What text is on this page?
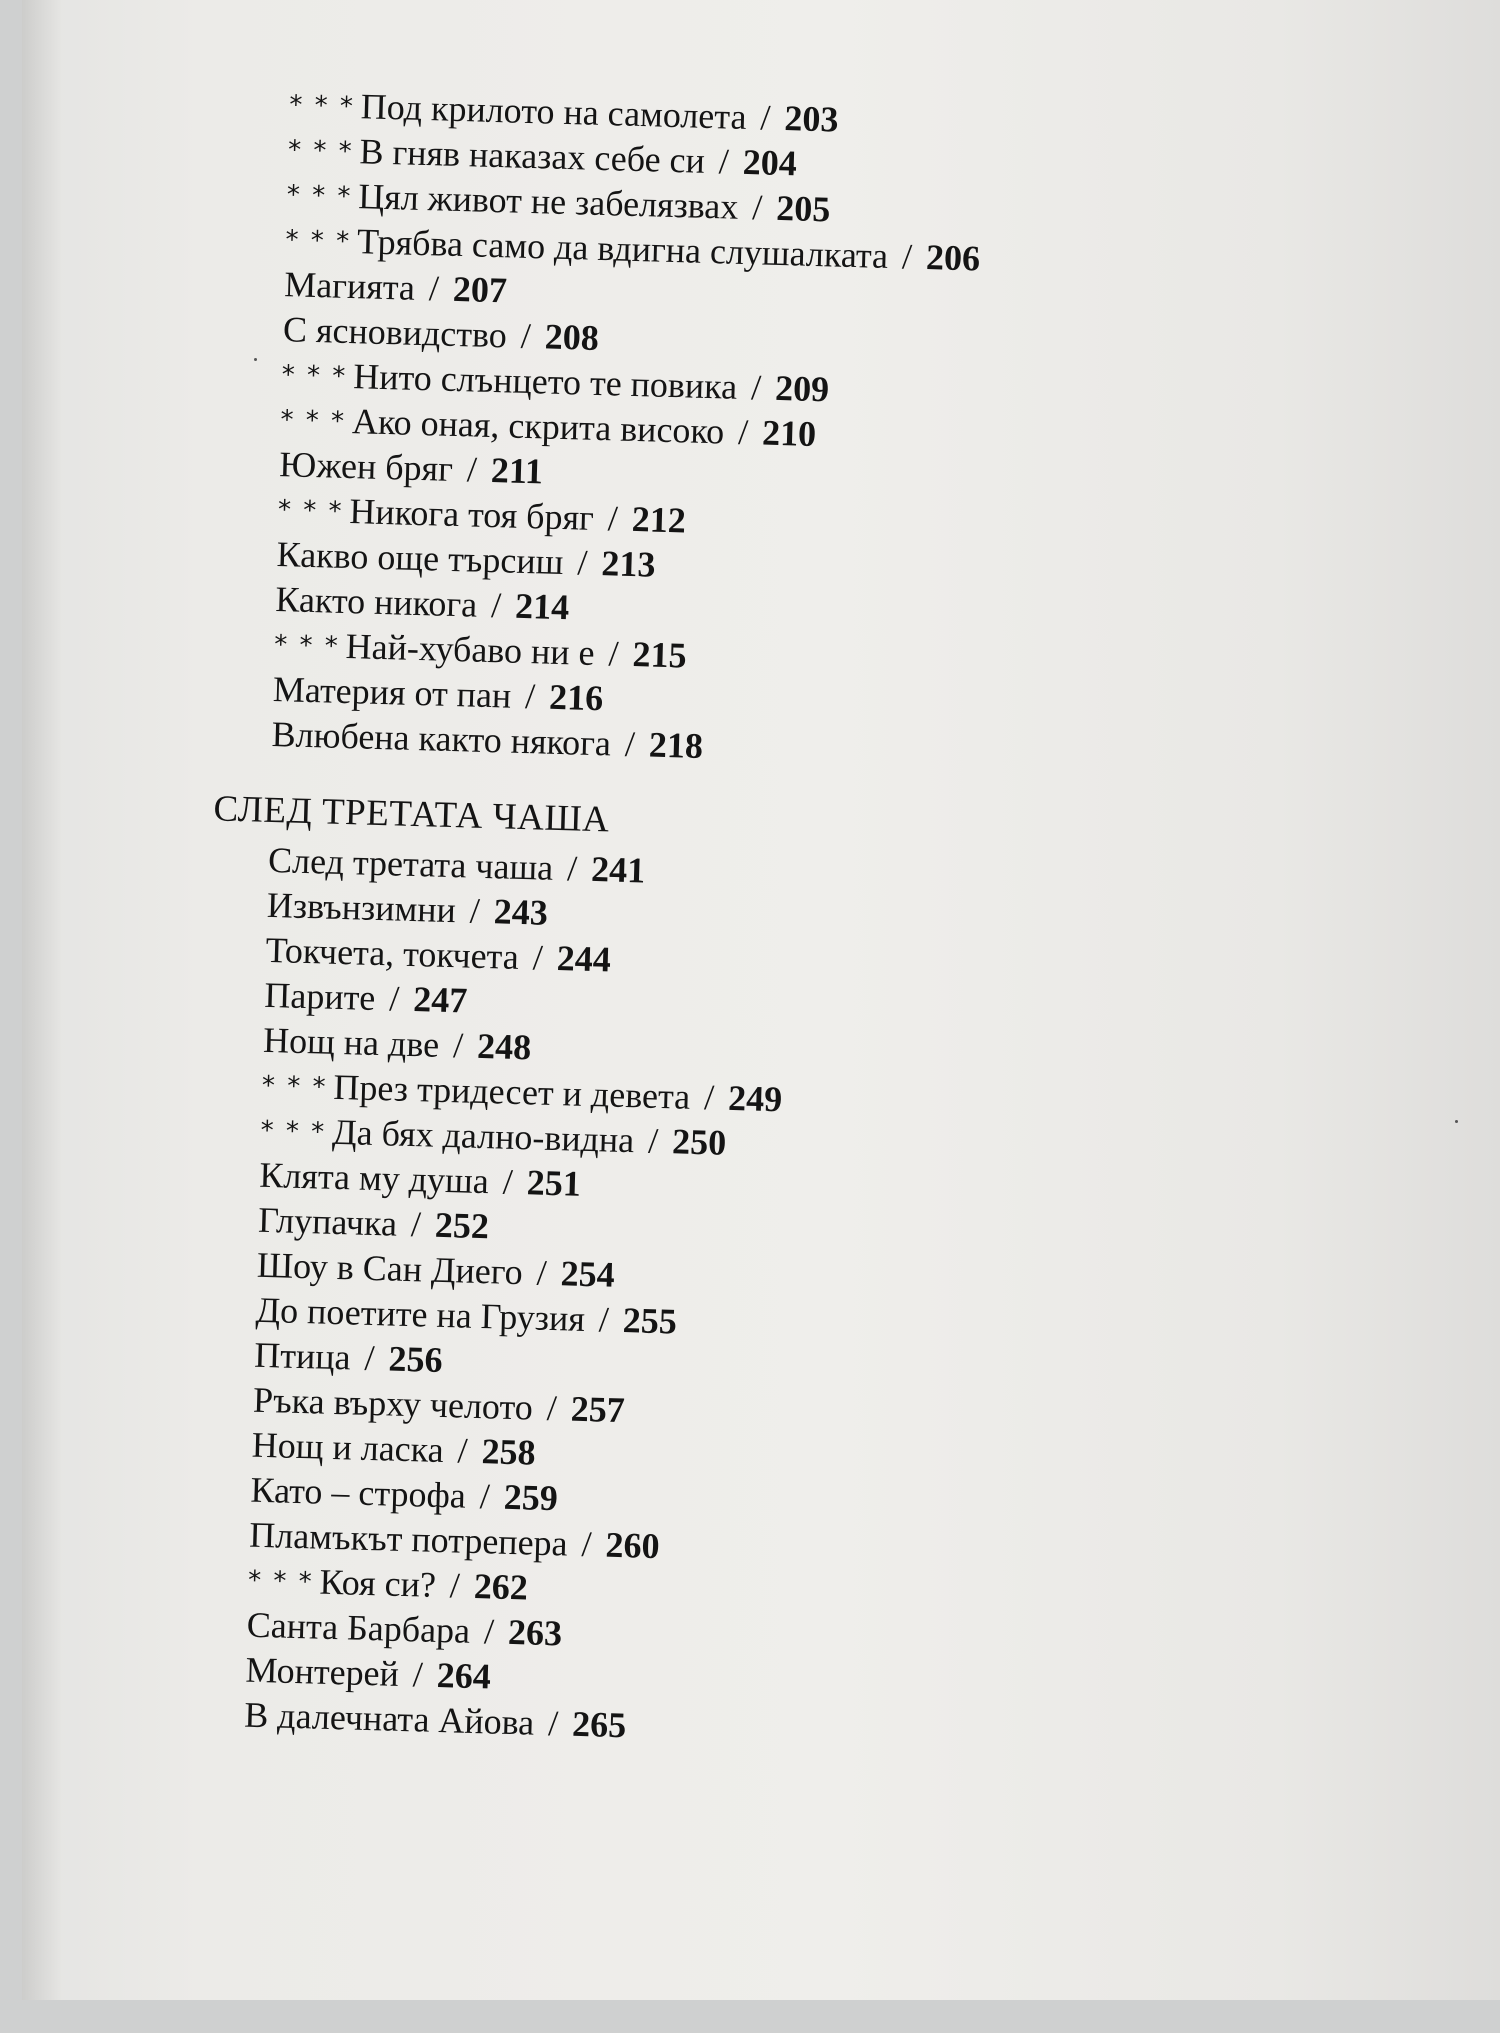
* * * Под крилото на самолета / 203
* * * В гняв наказах себе си / 204
* * * Цял живот не забелязвах / 205
* * * Трябва само да вдигна слушалката / 206
Магията / 207
С ясновидство / 208
* * * Нито слънцето те повика / 209
* * * Ако оная, скрита високо / 210
Южен бряг / 211
* * * Никога тоя бряг / 212
Какво още търсиш / 213
Както никога / 214
* * * Най-хубаво ни е / 215
Материя от пан / 216
Влюбена както някога / 218
СЛЕД ТРЕТАТА ЧАША
След третата чаша / 241
Извънзимни / 243
Токчета, токчета / 244
Парите / 247
Нощ на две / 248
* * * През тридесет и девета / 249
* * * Да бях дално-видна / 250
Клята му душа / 251
Глупачка / 252
Шоу в Сан Диего / 254
До поетите на Грузия / 255
Птица / 256
Ръка върху челото / 257
Нощ и ласка / 258
Като – строфа / 259
Пламъкът потрепера / 260
* * * Коя си? / 262
Санта Барбара / 263
Монтерей / 264
В далечната Айова / 265
